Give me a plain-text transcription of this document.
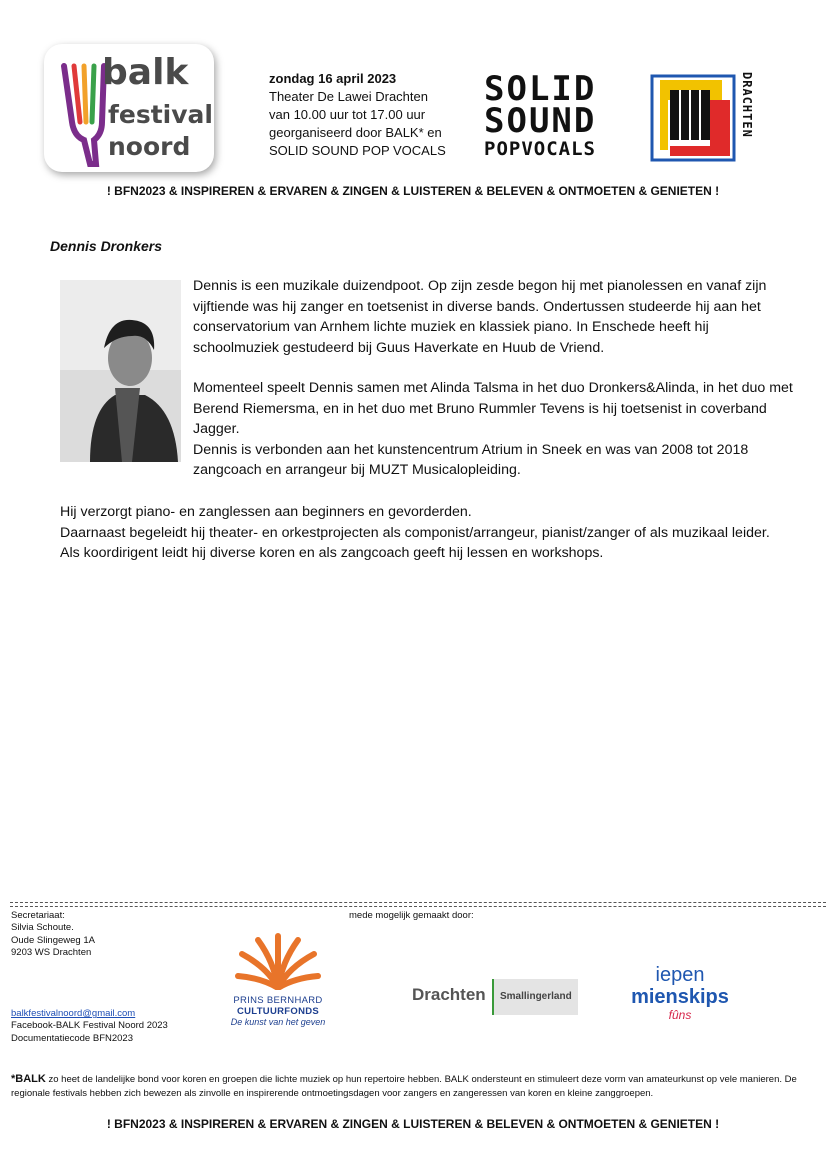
balk
festival
noord
zondag 16 april 2023
Theater De Lawei Drachten
van 10.00 uur tot 17.00 uur
georganiseerd door BALK* en
SOLID SOUND POP VOCALS
SOLID
SOUND
POPVOCALS
DRACHTEN
! BFN2023 & INSPIREREN & ERVAREN & ZINGEN & LUISTEREN & BELEVEN & ONTMOETEN & GENIETEN !
Dennis Dronkers

Dennis is een muzikale duizendpoot. Op zijn zesde begon hij met pianolessen en vanaf zijn vijftiende was hij zanger en toetsenist in diverse bands. Ondertussen studeerde hij aan het conservatorium van Arnhem lichte muziek en klassiek piano. In Enschede heeft hij schoolmuziek gestudeerd bij Guus Haverkate en Huub de Vriend.

Momenteel speelt Dennis samen met Alinda Talsma in het duo Dronkers&Alinda, in het duo met Berend Riemersma, en in het duo met Bruno Rummler Tevens is hij toetsenist in coverband Jagger.

Dennis is verbonden aan het kunstencentrum Atrium in Sneek en was van 2008 tot 2018 zangcoach en arrangeur bij MUZT Musicalopleiding.

Hij verzorgt piano- en zanglessen aan beginners en gevorderden.

Daarnaast begeleidt hij theater- en orkestprojecten als componist/arrangeur, pianist/zanger of als muzikaal leider. Als koordirigent leidt hij diverse koren en als zangcoach geeft hij lessen en workshops.

Secretariaat:
Silvia Schoute.
Oude Slingeweg 1A
9203 WS Drachten
balkfestivalnoord@gmail.com
Facebook-BALK Festival Noord 2023
Documentatiecode BFN2023
mede mogelijk gemaakt door:
PRINS BERNHARD
CULTUURFONDS
De kunst van het geven
Drachten Smallingerland
iepen
mienskips
fûns
*BALK zo heet de landelijke bond voor koren en groepen die lichte muziek op hun repertoire hebben. BALK ondersteunt en stimuleert deze vorm van amateurkunst op vele manieren. De regionale festivals hebben zich bewezen als zinvolle en inspirerende ontmoetingsdagen voor zangers en zangeressen van koren en kleine zanggroepen.
! BFN2023 & INSPIREREN & ERVAREN & ZINGEN & LUISTEREN & BELEVEN & ONTMOETEN & GENIETEN !
